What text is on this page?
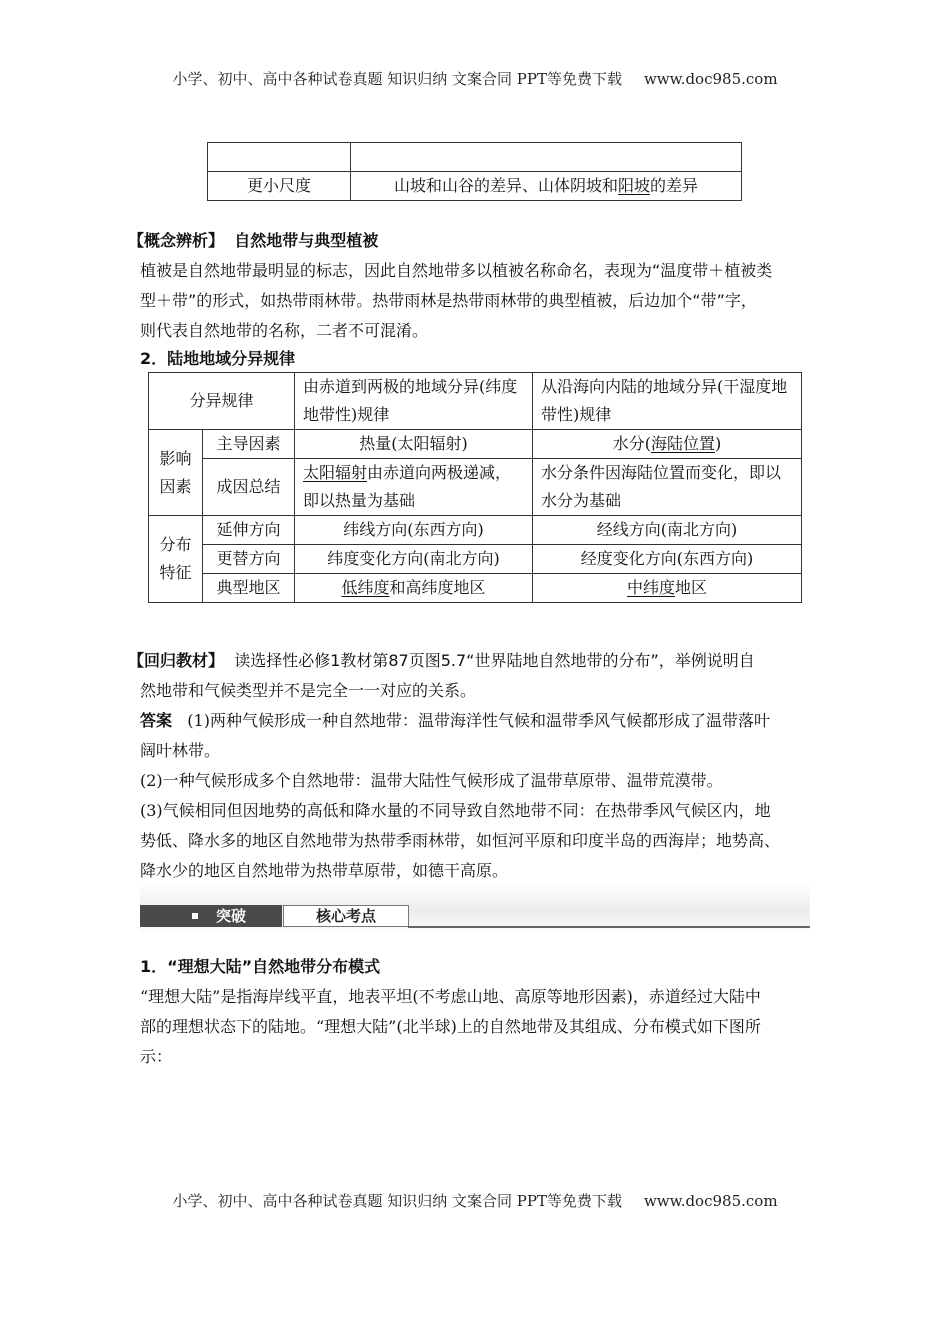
小学、初中、高中各种试卷真题 知识归纳 文案合同 PPT等免费下载 www.doc985.com

更小尺度	山坡和山谷的差异、山体阴坡和阳坡的差异
【概念辨析】 自然地带与典型植被
植被是自然地带最明显的标志，因此自然地带多以植被名称命名，表现为“温度带＋植被类
型＋带”的形式，如热带雨林带。热带雨林是热带雨林带的典型植被，后边加个“带”字，
则代表自然地带的名称，二者不可混淆。
2．陆地地域分异规律
分异规律		由赤道到两极的地域分异(纬度地带性)规律	从沿海向内陆的地域分异(干湿度地带性)规律
影响因素	主导因素	热量(太阳辐射)	水分(海陆位置)
	成因总结	太阳辐射由赤道向两极递减，即以热量为基础	水分条件因海陆位置而变化，即以水分为基础
分布特征	延伸方向	纬线方向(东西方向)	经线方向(南北方向)
	更替方向	纬度变化方向(南北方向)	经度变化方向(东西方向)
	典型地区	低纬度和高纬度地区	中纬度地区
【回归教材】 读选择性必修1教材第87页图5.7“世界陆地自然地带的分布”，举例说明自
然地带和气候类型并不是完全一一对应的关系。
答案 (1)两种气候形成一种自然地带：温带海洋性气候和温带季风气候都形成了温带落叶
阔叶林带。
(2)一种气候形成多个自然地带：温带大陆性气候形成了温带草原带、温带荒漠带。
(3)气候相同但因地势的高低和降水量的不同导致自然地带不同：在热带季风气候区内，地
势低、降水多的地区自然地带为热带季雨林带，如恒河平原和印度半岛的西海岸；地势高、
降水少的地区自然地带为热带草原带，如德干高原。
突破	核心考点
1．“理想大陆”自然地带分布模式
“理想大陆”是指海岸线平直，地表平坦(不考虑山地、高原等地形因素)，赤道经过大陆中
部的理想状态下的陆地。“理想大陆”(北半球)上的自然地带及其组成、分布模式如下图所
示：
小学、初中、高中各种试卷真题 知识归纳 文案合同 PPT等免费下载 www.doc985.com
